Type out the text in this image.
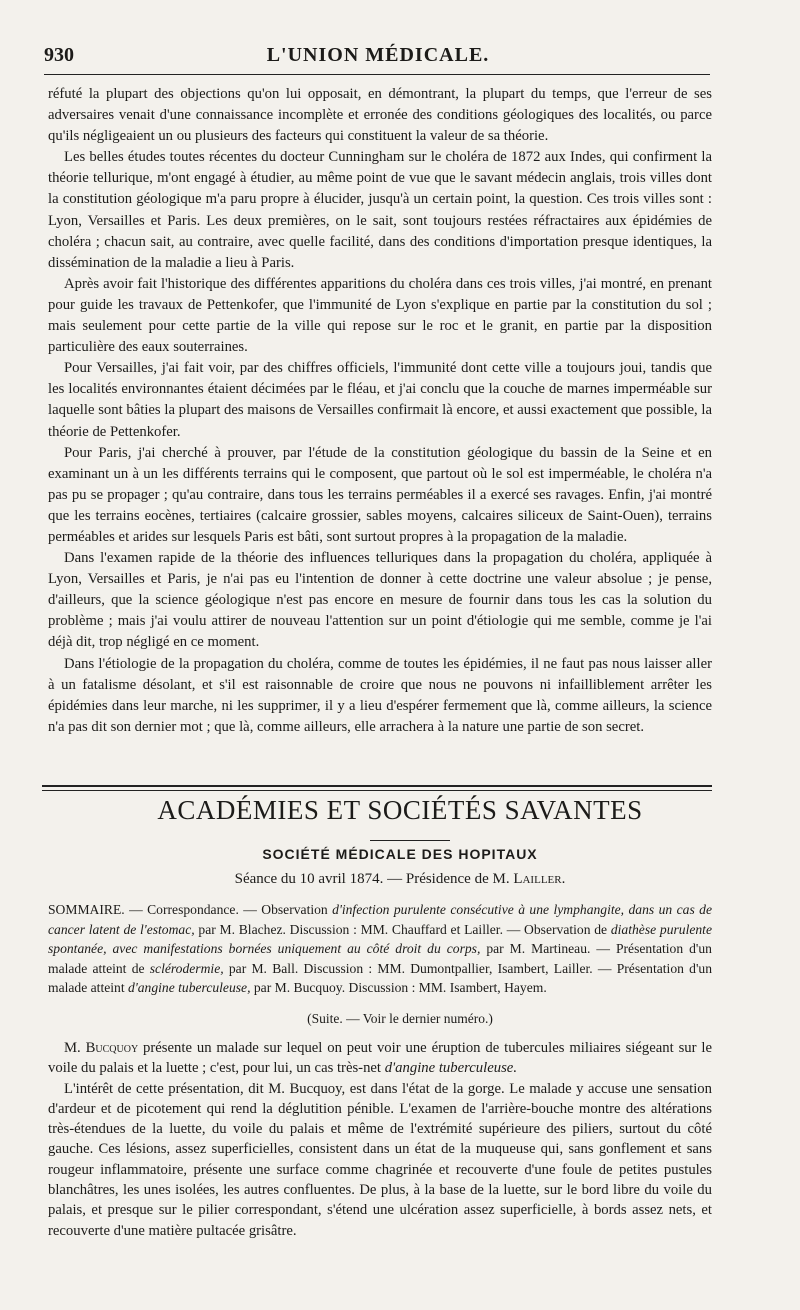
930	L'UNION MÉDICALE.

réfuté la plupart des objections qu'on lui opposait, en démontrant, la plupart du temps, que l'erreur de ses adversaires venait d'une connaissance incomplète et erronée des conditions géologiques des localités, ou parce qu'ils négligeaient un ou plusieurs des facteurs qui constituent la valeur de sa théorie.

Les belles études toutes récentes du docteur Cunningham sur le choléra de 1872 aux Indes, qui confirment la théorie tellurique, m'ont engagé à étudier, au même point de vue que le savant médecin anglais, trois villes dont la constitution géologique m'a paru propre à élucider, jusqu'à un certain point, la question. Ces trois villes sont : Lyon, Versailles et Paris. Les deux premières, on le sait, sont toujours restées réfractaires aux épidémies de choléra ; chacun sait, au contraire, avec quelle facilité, dans des conditions d'importation presque identiques, la dissémination de la maladie a lieu à Paris.

Après avoir fait l'historique des différentes apparitions du choléra dans ces trois villes, j'ai montré, en prenant pour guide les travaux de Pettenkofer, que l'immunité de Lyon s'explique en partie par la constitution du sol ; mais seulement pour cette partie de la ville qui repose sur le roc et le granit, en partie par la disposition particulière des eaux souterraines.

Pour Versailles, j'ai fait voir, par des chiffres officiels, l'immunité dont cette ville a toujours joui, tandis que les localités environnantes étaient décimées par le fléau, et j'ai conclu que la couche de marnes imperméable sur laquelle sont bâties la plupart des maisons de Versailles confirmait là encore, et aussi exactement que possible, la théorie de Pettenkofer.

Pour Paris, j'ai cherché à prouver, par l'étude de la constitution géologique du bassin de la Seine et en examinant un à un les différents terrains qui le composent, que partout où le sol est imperméable, le choléra n'a pas pu se propager ; qu'au contraire, dans tous les terrains perméables il a exercé ses ravages. Enfin, j'ai montré que les terrains eocènes, tertiaires (calcaire grossier, sables moyens, calcaires siliceux de Saint-Ouen), terrains perméables et arides sur lesquels Paris est bâti, sont surtout propres à la propagation de la maladie.

Dans l'examen rapide de la théorie des influences telluriques dans la propagation du choléra, appliquée à Lyon, Versailles et Paris, je n'ai pas eu l'intention de donner à cette doctrine une valeur absolue ; je pense, d'ailleurs, que la science géologique n'est pas encore en mesure de fournir dans tous les cas la solution du problème ; mais j'ai voulu attirer de nouveau l'attention sur un point d'étiologie qui me semble, comme je l'ai déjà dit, trop négligé en ce moment.

Dans l'étiologie de la propagation du choléra, comme de toutes les épidémies, il ne faut pas nous laisser aller à un fatalisme désolant, et s'il est raisonnable de croire que nous ne pouvons ni infailliblement arrêter les épidémies dans leur marche, ni les supprimer, il y a lieu d'espérer fermement que là, comme ailleurs, la science n'a pas dit son dernier mot ; que là, comme ailleurs, elle arrachera à la nature une partie de son secret.

ACADÉMIES ET SOCIÉTÉS SAVANTES
SOCIÉTÉ MÉDICALE DES HOPITAUX
Séance du 10 avril 1874. — Présidence de M. Lailler.
SOMMAIRE. — Correspondance. — Observation d'infection purulente consécutive à une lymphangite, dans un cas de cancer latent de l'estomac, par M. Blachez. Discussion : MM. Chauffard et Lailler. — Observation de diathèse purulente spontanée, avec manifestations bornées uniquement au côté droit du corps, par M. Martineau. — Présentation d'un malade atteint de sclérodermie, par M. Ball. Discussion : MM. Dumontpallier, Isambert, Lailler. — Présentation d'un malade atteint d'angine tuberculeuse, par M. Bucquoy. Discussion : MM. Isambert, Hayem.
(Suite. — Voir le dernier numéro.)

M. Bucquoy présente un malade sur lequel on peut voir une éruption de tubercules miliaires siégeant sur le voile du palais et la luette ; c'est, pour lui, un cas très-net d'angine tuberculeuse.

L'intérêt de cette présentation, dit M. Bucquoy, est dans l'état de la gorge. Le malade y accuse une sensation d'ardeur et de picotement qui rend la déglutition pénible. L'examen de l'arrière-bouche montre des altérations très-étendues de la luette, du voile du palais et même de l'extrémité supérieure des piliers, surtout du côté gauche. Ces lésions, assez superficielles, consistent dans un état de la muqueuse qui, sans gonflement et sans rougeur inflammatoire, présente une surface comme chagrinée et recouverte d'une foule de petites pustules blanchâtres, les unes isolées, les autres confluentes. De plus, à la base de la luette, sur le bord libre du voile du palais, et presque sur le pilier correspondant, s'étend une ulcération assez superficielle, à bords assez nets, et recouverte d'une matière pultacée grisâtre.
